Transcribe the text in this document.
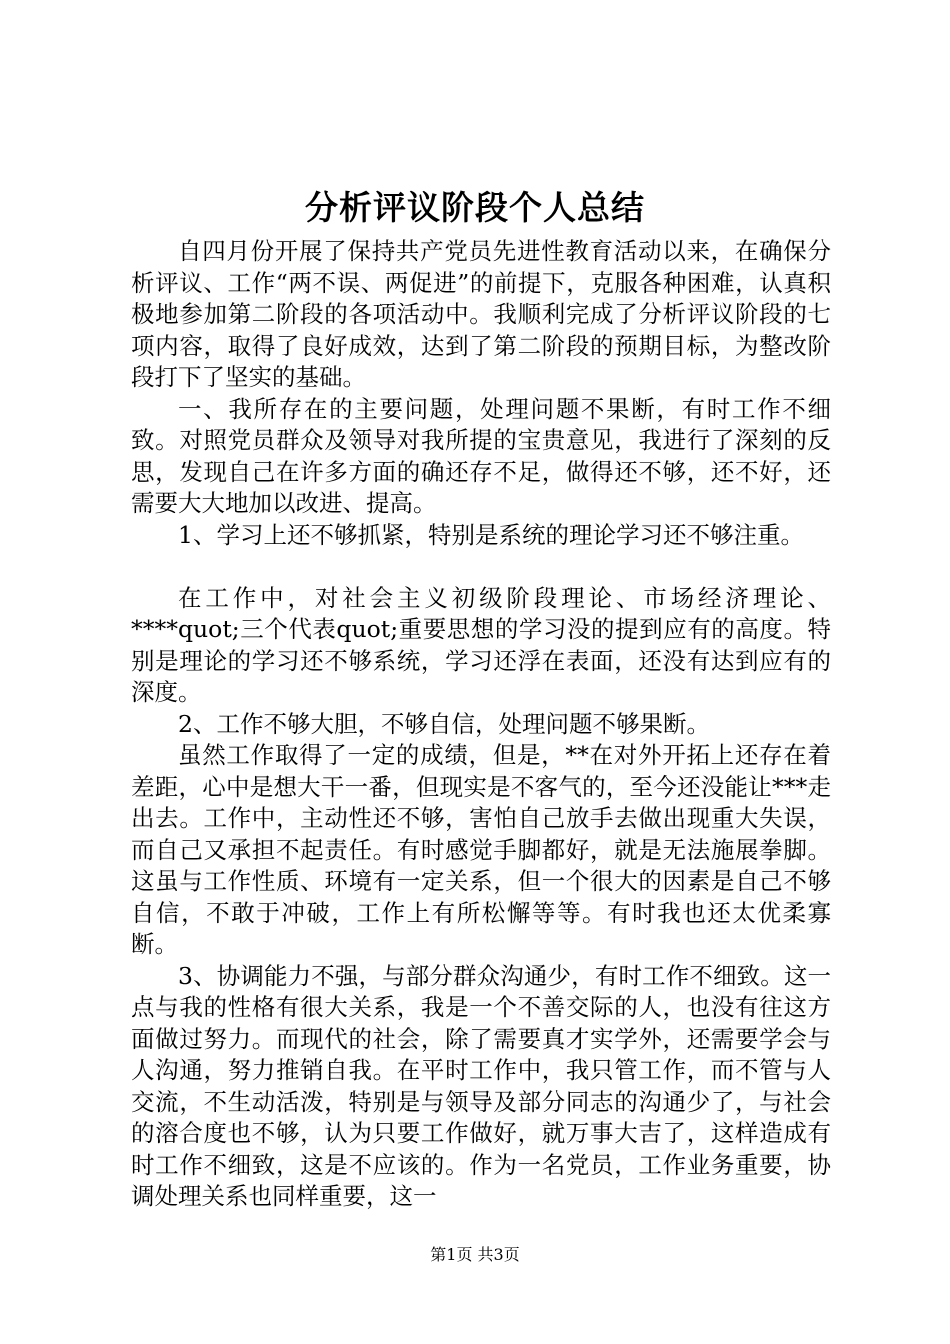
分析评议阶段个人总结

自四月份开展了保持共产党员先进性教育活动以来，在确保分析评议、工作“两不误、两促进”的前提下，克服各种困难，认真积极地参加第二阶段的各项活动中。我顺利完成了分析评议阶段的七项内容，取得了良好成效，达到了第二阶段的预期目标，为整改阶段打下了坚实的基础。

一、我所存在的主要问题，处理问题不果断，有时工作不细致。对照党员群众及领导对我所提的宝贵意见，我进行了深刻的反思，发现自己在许多方面的确还存不足，做得还不够，还不好，还需要大大地加以改进、提高。

1、学习上还不够抓紧，特别是系统的理论学习还不够注重。

在工作中，对社会主义初级阶段理论、市场经济理论、****quot;三个代表quot;重要思想的学习没的提到应有的高度。特别是理论的学习还不够系统，学习还浮在表面，还没有达到应有的深度。

2、工作不够大胆，不够自信，处理问题不够果断。

虽然工作取得了一定的成绩，但是，**在对外开拓上还存在着差距，心中是想大干一番，但现实是不客气的，至今还没能让***走出去。工作中，主动性还不够，害怕自己放手去做出现重大失误，而自己又承担不起责任。有时感觉手脚都好，就是无法施展拳脚。这虽与工作性质、环境有一定关系，但一个很大的因素是自己不够自信，不敢于冲破，工作上有所松懈等等。有时我也还太优柔寡断。

3、协调能力不强，与部分群众沟通少，有时工作不细致。这一点与我的性格有很大关系，我是一个不善交际的人，也没有往这方面做过努力。而现代的社会，除了需要真才实学外，还需要学会与人沟通，努力推销自我。在平时工作中，我只管工作，而不管与人交流，不生动活泼，特别是与领导及部分同志的沟通少了，与社会的溶合度也不够，认为只要工作做好，就万事大吉了，这样造成有时工作不细致，这是不应该的。作为一名党员，工作业务重要，协调处理关系也同样重要，这一

第1页 共3页
